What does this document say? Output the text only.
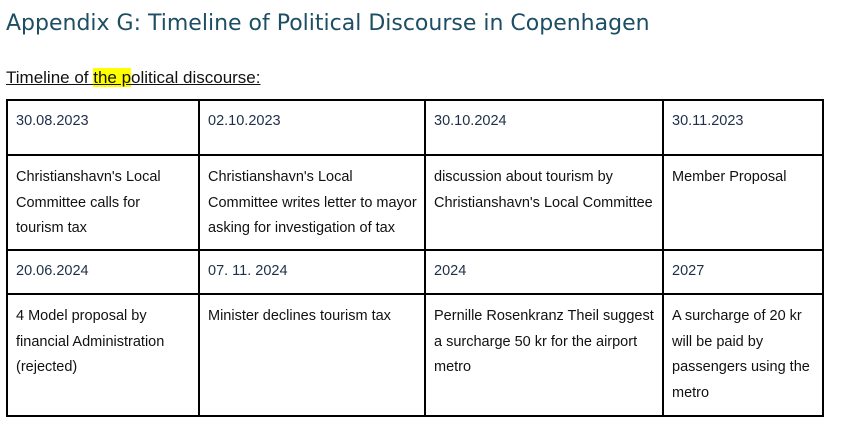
Appendix G: Timeline of Political Discourse in Copenhagen

Timeline of the political discourse:

30.08.2023	02.10.2023	30.10.2024	30.11.2023
Christianshavn's Local Committee calls for tourism tax	Christianshavn's Local Committee writes letter to mayor asking for investigation of tax	discussion about tourism by Christianshavn's Local Committee	Member Proposal
20.06.2024	07. 11. 2024	2024	2027
4 Model proposal by financial Administration (rejected)	Minister declines tourism tax	Pernille Rosenkranz Theil suggest a surcharge 50 kr for the airport metro	A surcharge of 20 kr will be paid by passengers using the metro
